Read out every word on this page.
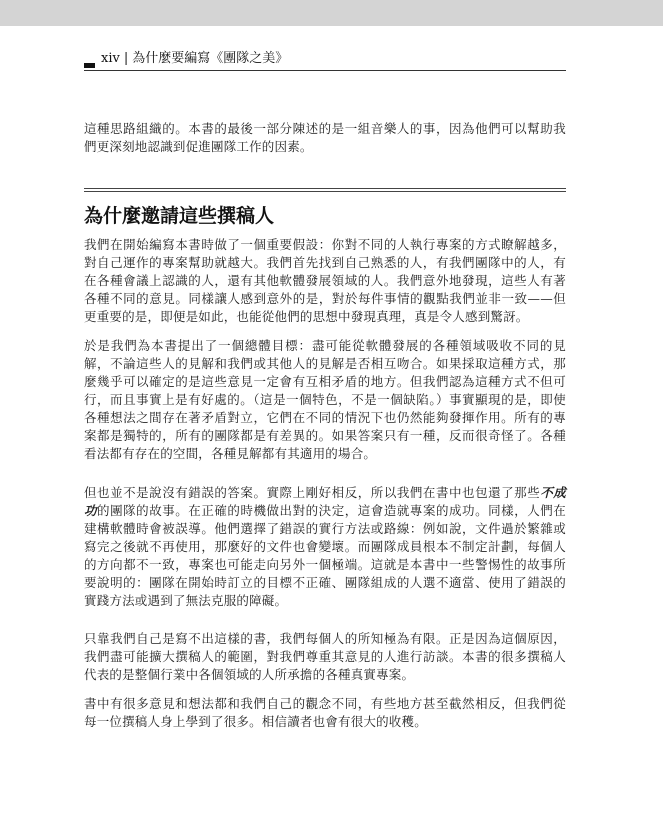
xiv | 為什麼要編寫《團隊之美》

這種思路組織的。本書的最後一部分陳述的是一組音樂人的事，因為他們可以幫助我們更深刻地認識到促進團隊工作的因素。

為什麼邀請這些撰稿人

我們在開始編寫本書時做了一個重要假設：你對不同的人執行專案的方式瞭解越多，對自己運作的專案幫助就越大。我們首先找到自己熟悉的人，有我們團隊中的人，有在各種會議上認識的人，還有其他軟體發展領域的人。我們意外地發現，這些人有著各種不同的意見。同樣讓人感到意外的是，對於每件事情的觀點我們並非一致——但更重要的是，即便是如此，也能從他們的思想中發現真理，真是令人感到驚訝。

於是我們為本書提出了一個總體目標：盡可能從軟體發展的各種領域吸收不同的見解，不論這些人的見解和我們或其他人的見解是否相互吻合。如果採取這種方式，那麼幾乎可以確定的是這些意見一定會有互相矛盾的地方。但我們認為這種方式不但可行，而且事實上是有好處的。（這是一個特色，不是一個缺陷。）事實顯現的是，即使各種想法之間存在著矛盾對立，它們在不同的情況下也仍然能夠發揮作用。所有的專案都是獨特的，所有的團隊都是有差異的。如果答案只有一種，反而很奇怪了。各種看法都有存在的空間，各種見解都有其適用的場合。

但也並不是說沒有錯誤的答案。實際上剛好相反，所以我們在書中也包還了那些不成功的團隊的故事。在正確的時機做出對的決定，這會造就專案的成功。同樣，人們在建構軟體時會被誤導。他們選擇了錯誤的實行方法或路線：例如說，文件過於繁雜或寫完之後就不再使用，那麼好的文件也會變壞。而團隊成員根本不制定計劃，每個人的方向都不一致，專案也可能走向另外一個極端。這就是本書中一些警惕性的故事所要說明的：團隊在開始時訂立的目標不正確、團隊組成的人選不適當、使用了錯誤的實踐方法或遇到了無法克服的障礙。

只靠我們自己是寫不出這樣的書，我們每個人的所知極為有限。正是因為這個原因，我們盡可能擴大撰稿人的範圍，對我們尊重其意見的人進行訪談。本書的很多撰稿人代表的是整個行業中各個領域的人所承擔的各種真實專案。

書中有很多意見和想法都和我們自己的觀念不同，有些地方甚至截然相反，但我們從每一位撰稿人身上學到了很多。相信讀者也會有很大的收穫。
